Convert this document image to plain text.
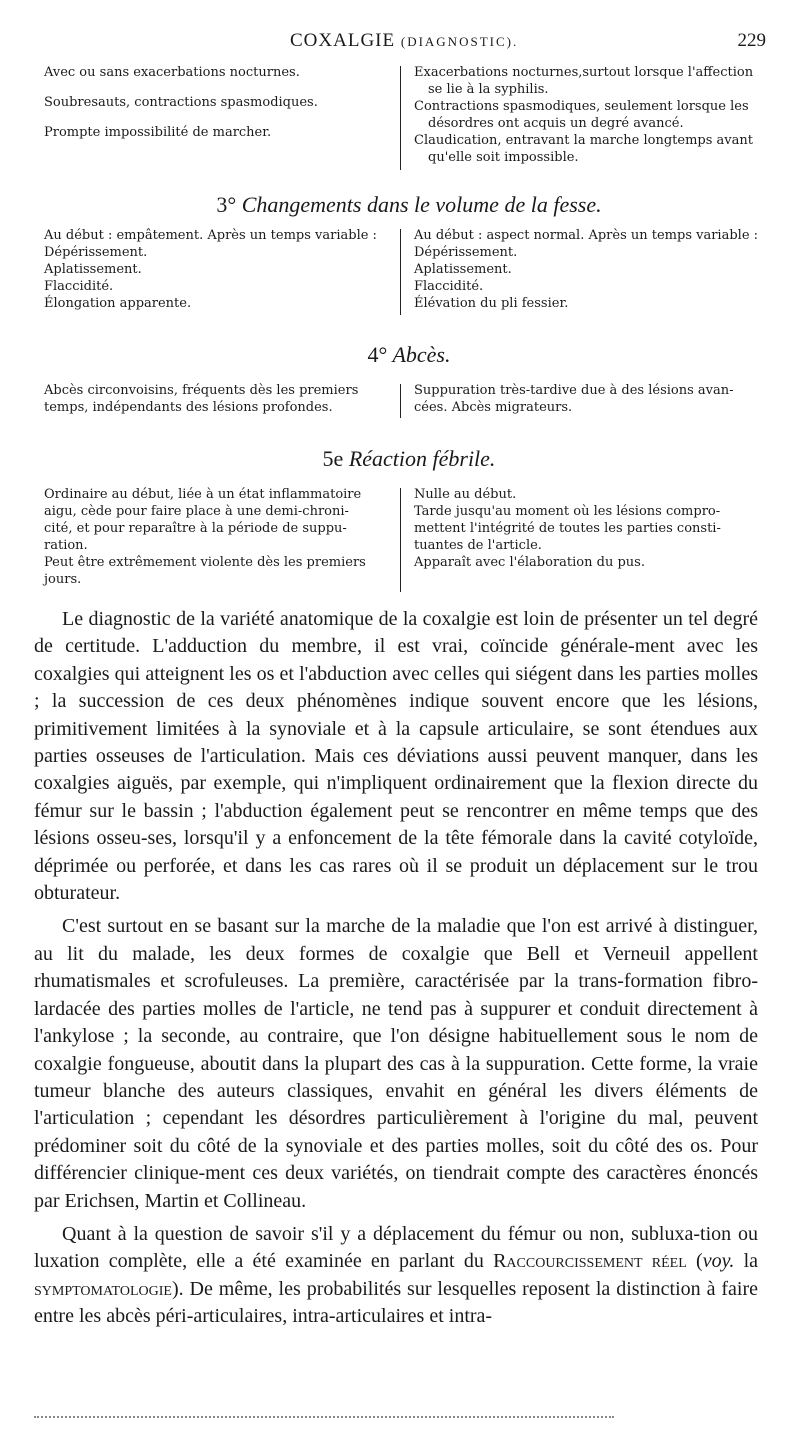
COXALGIE (DIAGNOSTIC).	229
Avec ou sans exacerbations nocturnes.
Soubresauts, contractions spasmodiques.
Prompte impossibilité de marcher.
Exacerbations nocturnes,surtout lorsque l'affection
se lie à la syphilis.
Contractions spasmodiques, seulement lorsque les
désordres ont acquis un degré avancé.
Claudication, entravant la marche longtemps avant
qu'elle soit impossible.
3° Changements dans le volume de la fesse.
Au début : empâtement. Après un temps variable :
Dépérissement.
Aplatissement.
Flaccidité.
Élongation apparente.
Au début : aspect normal. Après un temps variable :
Dépérissement.
Aplatissement.
Flaccidité.
Élévation du pli fessier.
4° Abcès.
Abcès circonvoisins, fréquents dès les premiers
temps, indépendants des lésions profondes.
Suppuration très-tardive due à des lésions avan-
cées. Abcès migrateurs.
5e Réaction fébrile.
Ordinaire au début, liée à un état inflammatoire
aigu, cède pour faire place à une demi-chroni-
cité, et pour reparaître à la période de suppu-
ration.
Peut être extrêmement violente dès les premiers
jours.
Nulle au début.
Tarde jusqu'au moment où les lésions compro-
mettent l'intégrité de toutes les parties consti-
tuantes de l'article.
Apparaît avec l'élaboration du pus.

Le diagnostic de la variété anatomique de la coxalgie est loin de présenter un tel degré de certitude. L'adduction du membre, il est vrai, coïncide générale-ment avec les coxalgies qui atteignent les os et l'abduction avec celles qui siégent dans les parties molles ; la succession de ces deux phénomènes indique souvent encore que les lésions, primitivement limitées à la synoviale et à la capsule articulaire, se sont étendues aux parties osseuses de l'articulation. Mais ces déviations aussi peuvent manquer, dans les coxalgies aiguës, par exemple, qui n'impliquent ordinairement que la flexion directe du fémur sur le bassin ; l'abduction également peut se rencontrer en même temps que des lésions osseu-ses, lorsqu'il y a enfoncement de la tête fémorale dans la cavité cotyloïde, déprimée ou perforée, et dans les cas rares où il se produit un déplacement sur le trou obturateur.

C'est surtout en se basant sur la marche de la maladie que l'on est arrivé à distinguer, au lit du malade, les deux formes de coxalgie que Bell et Verneuil appellent rhumatismales et scrofuleuses. La première, caractérisée par la trans-formation fibro-lardacée des parties molles de l'article, ne tend pas à suppurer et conduit directement à l'ankylose ; la seconde, au contraire, que l'on désigne habituellement sous le nom de coxalgie fongueuse, aboutit dans la plupart des cas à la suppuration. Cette forme, la vraie tumeur blanche des auteurs classiques, envahit en général les divers éléments de l'articulation ; cependant les désordres particulièrement à l'origine du mal, peuvent prédominer soit du côté de la synoviale et des parties molles, soit du côté des os. Pour différencier clinique-ment ces deux variétés, on tiendrait compte des caractères énoncés par Erichsen, Martin et Collineau.

Quant à la question de savoir s'il y a déplacement du fémur ou non, subluxa-tion ou luxation complète, elle a été examinée en parlant du Raccourcissement réel (voy. la symptomatologie). De même, les probabilités sur lesquelles reposent la distinction à faire entre les abcès péri-articulaires, intra-articulaires et intra-
